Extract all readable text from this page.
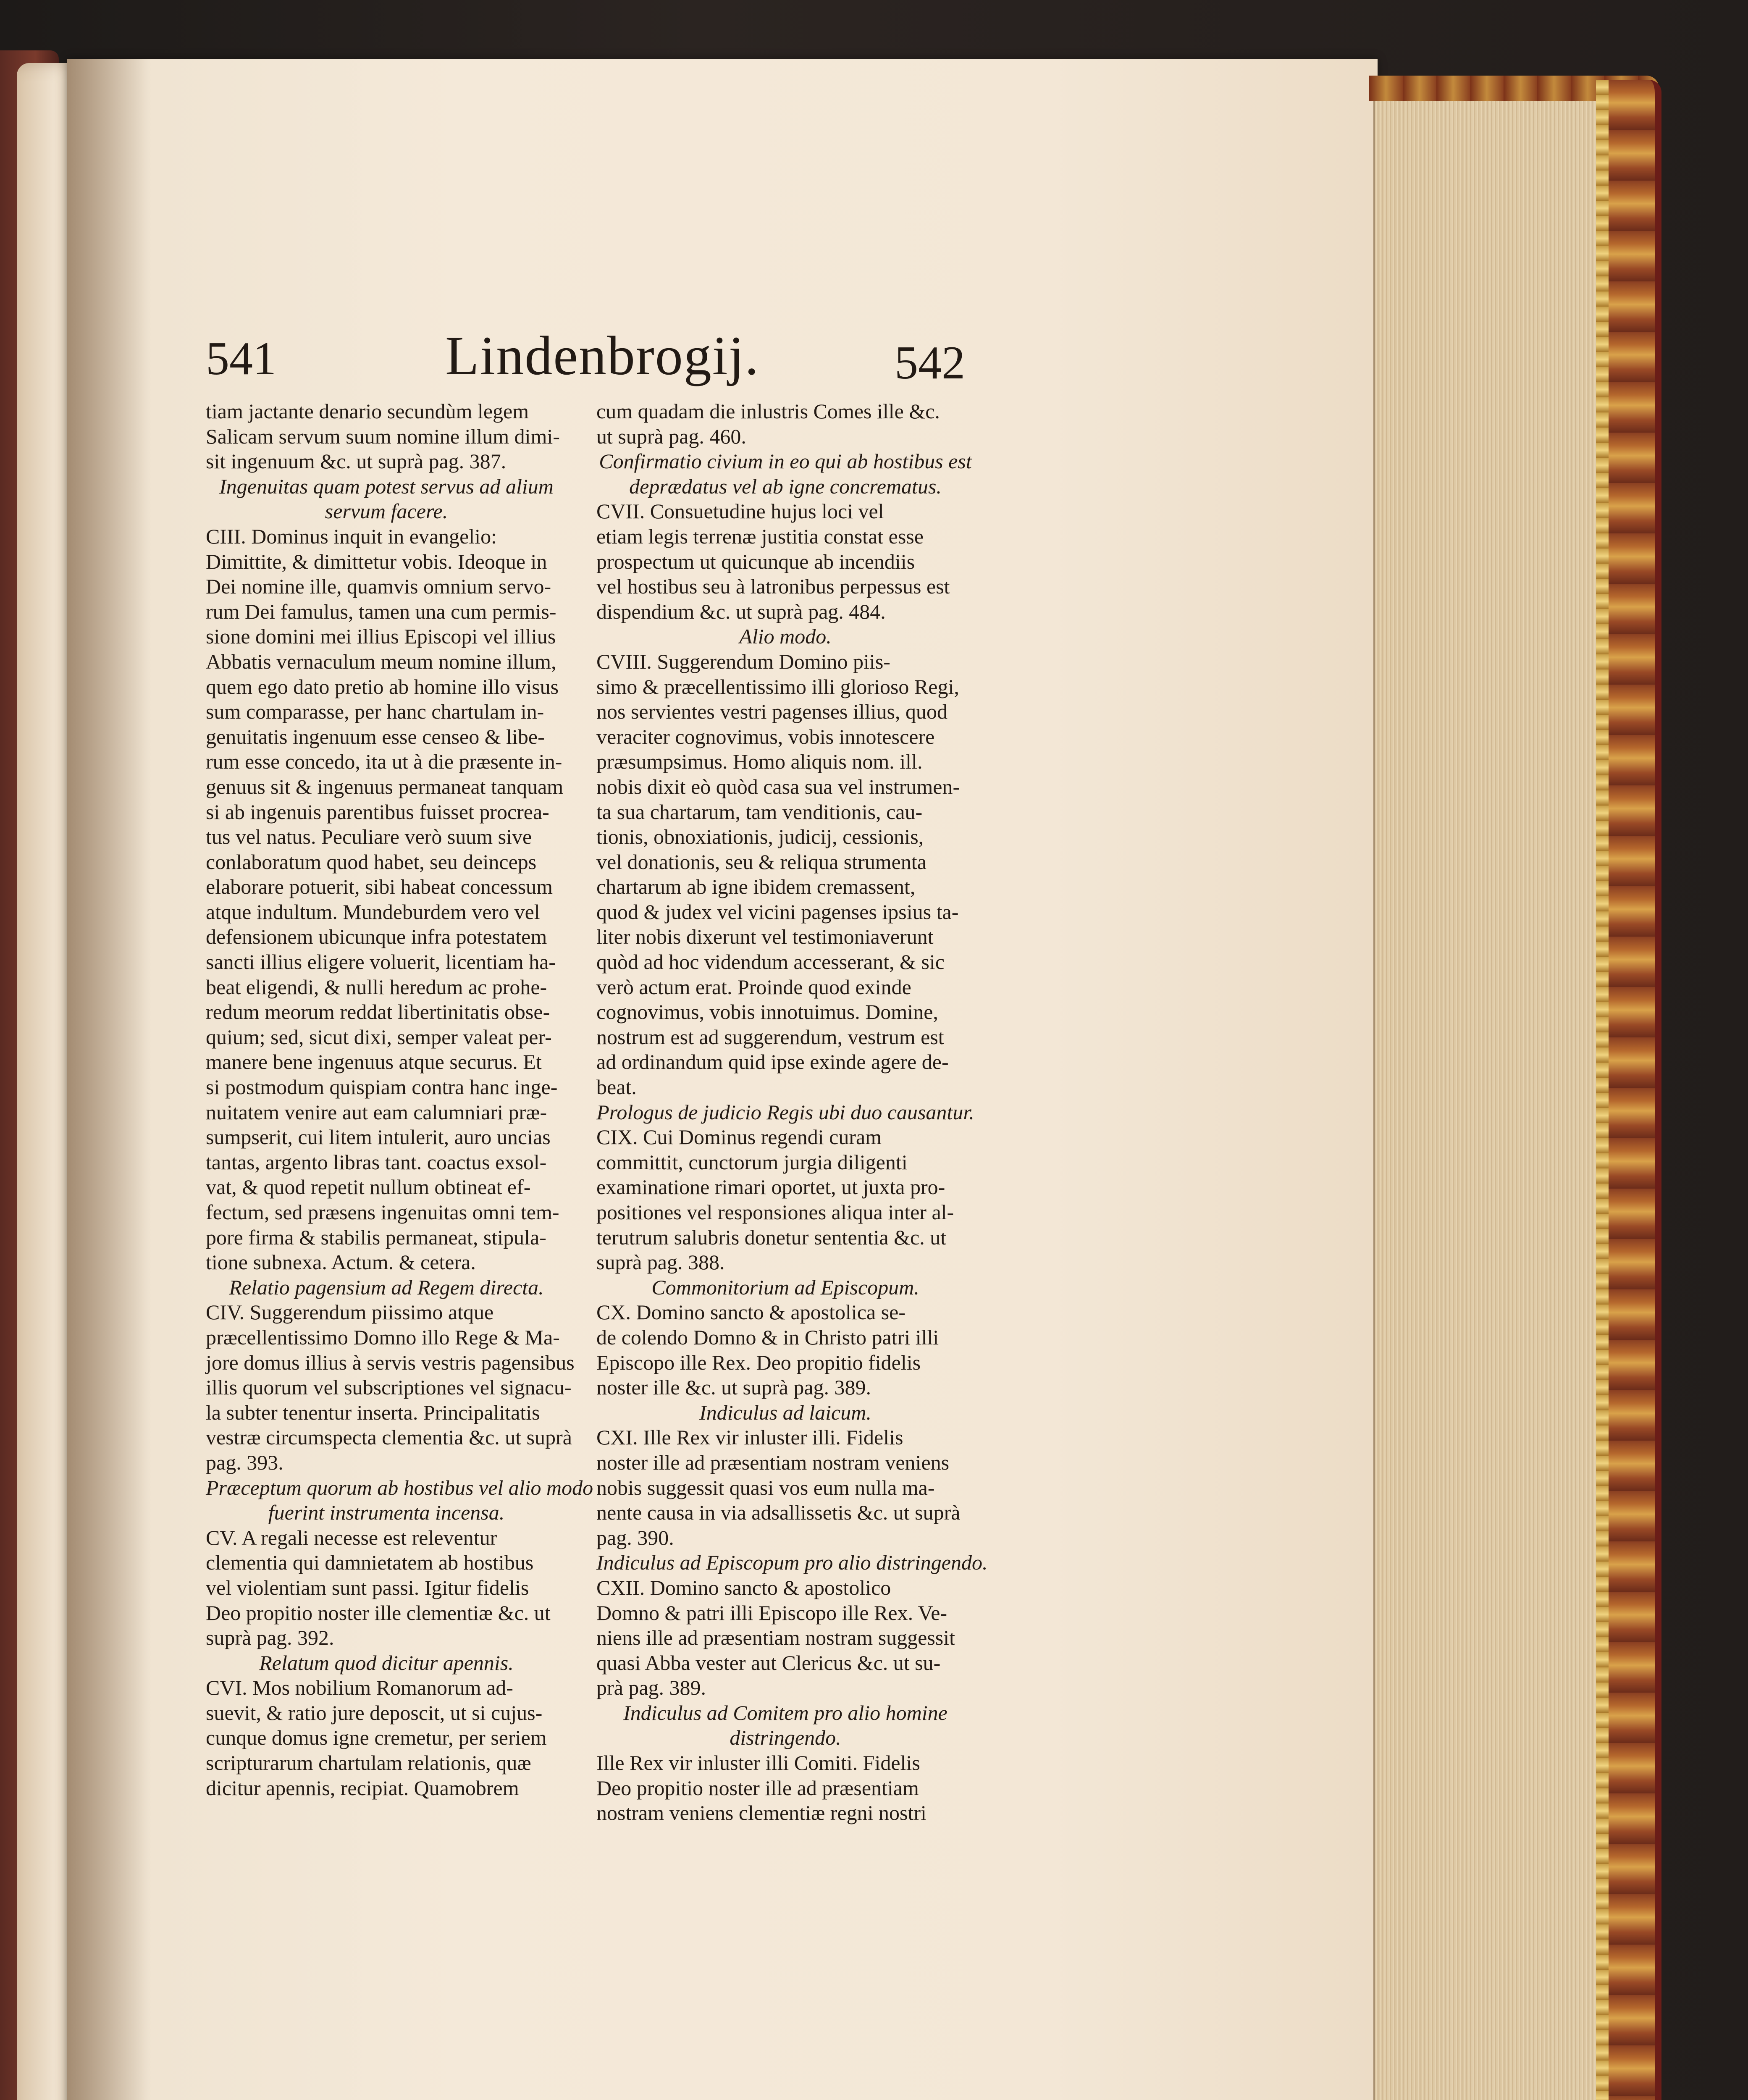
541	Lindenbrogij.	542
tiam jactante denario secundùm legem
Salicam servum suum nomine illum dimi-
sit ingenuum &c. ut suprà pag. 387.
Ingenuitas quam potest servus ad alium
servum facere.
CIII. Dominus inquit in evangelio:
Dimittite, & dimittetur vobis. Ideoque in
Dei nomine ille, quamvis omnium servo-
rum Dei famulus, tamen una cum permis-
sione domini mei illius Episcopi vel illius
Abbatis vernaculum meum nomine illum,
quem ego dato pretio ab homine illo visus
sum comparasse, per hanc chartulam in-
genuitatis ingenuum esse censeo & libe-
rum esse concedo, ita ut à die præsente in-
genuus sit & ingenuus permaneat tanquam
si ab ingenuis parentibus fuisset procrea-
tus vel natus. Peculiare verò suum sive
conlaboratum quod habet, seu deinceps
elaborare potuerit, sibi habeat concessum
atque indultum. Mundeburdem vero vel
defensionem ubicunque infra potestatem
sancti illius eligere voluerit, licentiam ha-
beat eligendi, & nulli heredum ac prohe-
redum meorum reddat libertinitatis obse-
quium; sed, sicut dixi, semper valeat per-
manere bene ingenuus atque securus. Et
si postmodum quispiam contra hanc inge-
nuitatem venire aut eam calumniari præ-
sumpserit, cui litem intulerit, auro uncias
tantas, argento libras tant. coactus exsol-
vat, & quod repetit nullum obtineat ef-
fectum, sed præsens ingenuitas omni tem-
pore firma & stabilis permaneat, stipula-
tione subnexa. Actum. & cetera.
Relatio pagensium ad Regem directa.
CIV. Suggerendum piissimo atque
præcellentissimo Domno illo Rege & Ma-
jore domus illius à servis vestris pagensibus
illis quorum vel subscriptiones vel signacu-
la subter tenentur inserta. Principalitatis
vestræ circumspecta clementia &c. ut suprà
pag. 393.
Præceptum quorum ab hostibus vel alio modo
fuerint instrumenta incensa.
CV. A regali necesse est releventur
clementia qui damnietatem ab hostibus
vel violentiam sunt passi. Igitur fidelis
Deo propitio noster ille clementiæ &c. ut
suprà pag. 392.
Relatum quod dicitur apennis.
CVI. Mos nobilium Romanorum ad-
suevit, & ratio jure deposcit, ut si cujus-
cunque domus igne cremetur, per seriem
scripturarum chartulam relationis, quæ
dicitur apennis, recipiat. Quamobrem
cum quadam die inlustris Comes ille &c.
ut suprà pag. 460.
Confirmatio civium in eo qui ab hostibus est
deprædatus vel ab igne concrematus.
CVII. Consuetudine hujus loci vel
etiam legis terrenæ justitia constat esse
prospectum ut quicunque ab incendiis
vel hostibus seu à latronibus perpessus est
dispendium &c. ut suprà pag. 484.
Alio modo.
CVIII. Suggerendum Domino piis-
simo & præcellentissimo illi glorioso Regi,
nos servientes vestri pagenses illius, quod
veraciter cognovimus, vobis innotescere
præsumpsimus. Homo aliquis nom. ill.
nobis dixit eò quòd casa sua vel instrumen-
ta sua chartarum, tam venditionis, cau-
tionis, obnoxiationis, judicij, cessionis,
vel donationis, seu & reliqua strumenta
chartarum ab igne ibidem cremassent,
quod & judex vel vicini pagenses ipsius ta-
liter nobis dixerunt vel testimoniaverunt
quòd ad hoc videndum accesserant, & sic
verò actum erat. Proinde quod exinde
cognovimus, vobis innotuimus. Domine,
nostrum est ad suggerendum, vestrum est
ad ordinandum quid ipse exinde agere de-
beat.
Prologus de judicio Regis ubi duo causantur.
CIX. Cui Dominus regendi curam
committit, cunctorum jurgia diligenti
examinatione rimari oportet, ut juxta pro-
positiones vel responsiones aliqua inter al-
terutrum salubris donetur sententia &c. ut
suprà pag. 388.
Commonitorium ad Episcopum.
CX. Domino sancto & apostolica se-
de colendo Domno & in Christo patri illi
Episcopo ille Rex. Deo propitio fidelis
noster ille &c. ut suprà pag. 389.
Indiculus ad laicum.
CXI. Ille Rex vir inluster illi. Fidelis
noster ille ad præsentiam nostram veniens
nobis suggessit quasi vos eum nulla ma-
nente causa in via adsallissetis &c. ut suprà
pag. 390.
Indiculus ad Episcopum pro alio distringendo.
CXII. Domino sancto & apostolico
Domno & patri illi Episcopo ille Rex. Ve-
niens ille ad præsentiam nostram suggessit
quasi Abba vester aut Clericus &c. ut su-
prà pag. 389.
Indiculus ad Comitem pro alio homine
distringendo.
Ille Rex vir inluster illi Comiti. Fidelis
Deo propitio noster ille ad præsentiam
nostram veniens clementiæ regni nostri
